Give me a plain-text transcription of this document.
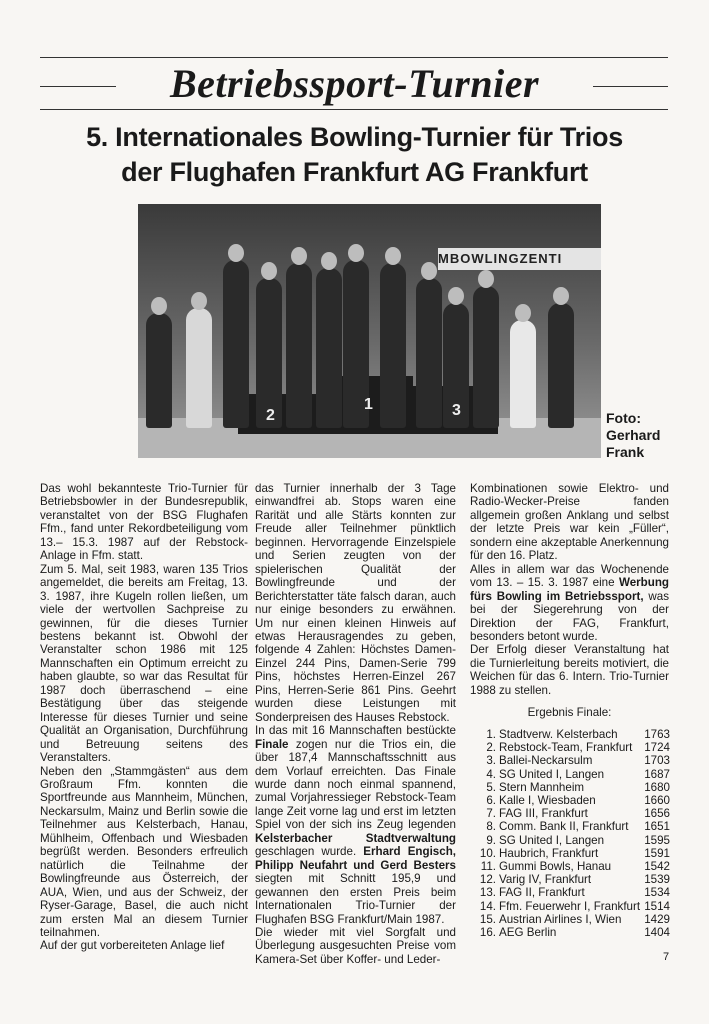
Betriebssport-Turnier
5. Internationales Bowling-Turnier für Trios
der Flughafen Frankfurt AG Frankfurt
MBOWLINGZENTI
2
1	3	Foto:
Gerhard
Frank

Das wohl bekannteste Trio-Turnier für Betriebsbowler in der Bundesrepublik, veranstaltet von der BSG Flughafen Ffm., fand unter Rekordbeteiligung vom 13.– 15.3. 1987 auf der Rebstock-Anlage in Ffm. statt.

Zum 5. Mal, seit 1983, waren 135 Trios angemeldet, die bereits am Freitag, 13. 3. 1987, ihre Kugeln rollen ließen, um viele der wertvollen Sachpreise zu gewinnen, für die dieses Turnier bestens bekannt ist. Obwohl der Veranstalter schon 1986 mit 125 Mannschaften ein Optimum erreicht zu haben glaubte, so war das Resultat für 1987 doch überraschend – eine Bestätigung über das steigende Interesse für dieses Turnier und seine Qualität an Organisation, Durchführung und Betreuung seitens des Veranstalters.

Neben den „Stammgästen“ aus dem Großraum Ffm. konnten die Sportfreunde aus Mannheim, München, Neckarsulm, Mainz und Berlin sowie die Teilnehmer aus Kelsterbach, Hanau, Mühlheim, Offenbach und Wiesbaden begrüßt werden. Besonders erfreulich natürlich die Teilnahme der Bowlingfreunde aus Österreich, der AUA, Wien, und aus der Schweiz, der Ryser-Garage, Basel, die auch nicht zum ersten Mal an diesem Turnier teilnahmen.

Auf der gut vorbereiteten Anlage lief

das Turnier innerhalb der 3 Tage einwandfrei ab. Stops waren eine Rarität und alle Stärts konnten zur Freude aller Teilnehmer pünktlich beginnen. Hervorragende Einzelspiele und Serien zeugten von der spielerischen Qualität der Bowlingfreunde und der Berichterstatter täte falsch daran, auch nur einige besonders zu erwähnen. Um nur einen kleinen Hinweis auf etwas Herausragendes zu geben, folgende 4 Zahlen: Höchstes Damen-Einzel 244 Pins, Damen-Serie 799 Pins, höchstes Herren-Einzel 267 Pins, Herren-Serie 861 Pins. Geehrt wurden diese Leistungen mit Sonderpreisen des Hauses Rebstock.

In das mit 16 Mannschaften bestückte Finale zogen nur die Trios ein, die über 187,4 Mannschaftsschnitt aus dem Vorlauf erreichten. Das Finale wurde dann noch einmal spannend, zumal Vorjahressieger Rebstock-Team lange Zeit vorne lag und erst im letzten Spiel von der sich ins Zeug legenden Kelsterbacher Stadtverwaltung geschlagen wurde. Erhard Engisch, Philipp Neufahrt und Gerd Besters siegten mit Schnitt 195,9 und gewannen den ersten Preis beim Internationalen Trio-Turnier der Flughafen BSG Frankfurt/Main 1987.

Die wieder mit viel Sorgfalt und Überlegung ausgesuchten Preise vom Kamera-Set über Koffer- und Leder-

Kombinationen sowie Elektro- und Radio-Wecker-Preise fanden allgemein großen Anklang und selbst der letzte Preis war kein „Füller“, sondern eine akzeptable Anerkennung für den 16. Platz.

Alles in allem war das Wochenende vom 13. – 15. 3. 1987 eine Werbung fürs Bowling im Betriebssport, was bei der Siegerehrung von der Direktion der FAG, Frankfurt, besonders betont wurde.

Der Erfolg dieser Veranstaltung hat die Turnierleitung bereits motiviert, die Weichen für das 6. Intern. Trio-Turnier 1988 zu stellen.

Ergebnis Finale:
1. Stadtverw. Kelsterbach	1763
2. Rebstock-Team, Frankfurt	1724
3. Ballei-Neckarsulm	1703
4. SG United I, Langen	1687
5. Stern Mannheim	1680
6. Kalle I, Wiesbaden	1660
7. FAG III, Frankfurt	1656
8. Comm. Bank II, Frankfurt	1651
9. SG United I, Langen	1595
10. Haubrich, Frankfurt	1591
11. Gummi Bowls, Hanau	1542
12. Varig IV, Frankfurt	1539
13. FAG II, Frankfurt	1534
14. Ffm. Feuerwehr I, Frankfurt 1514
15. Austrian Airlines I, Wien	1429
16. AEG Berlin	1404
7
